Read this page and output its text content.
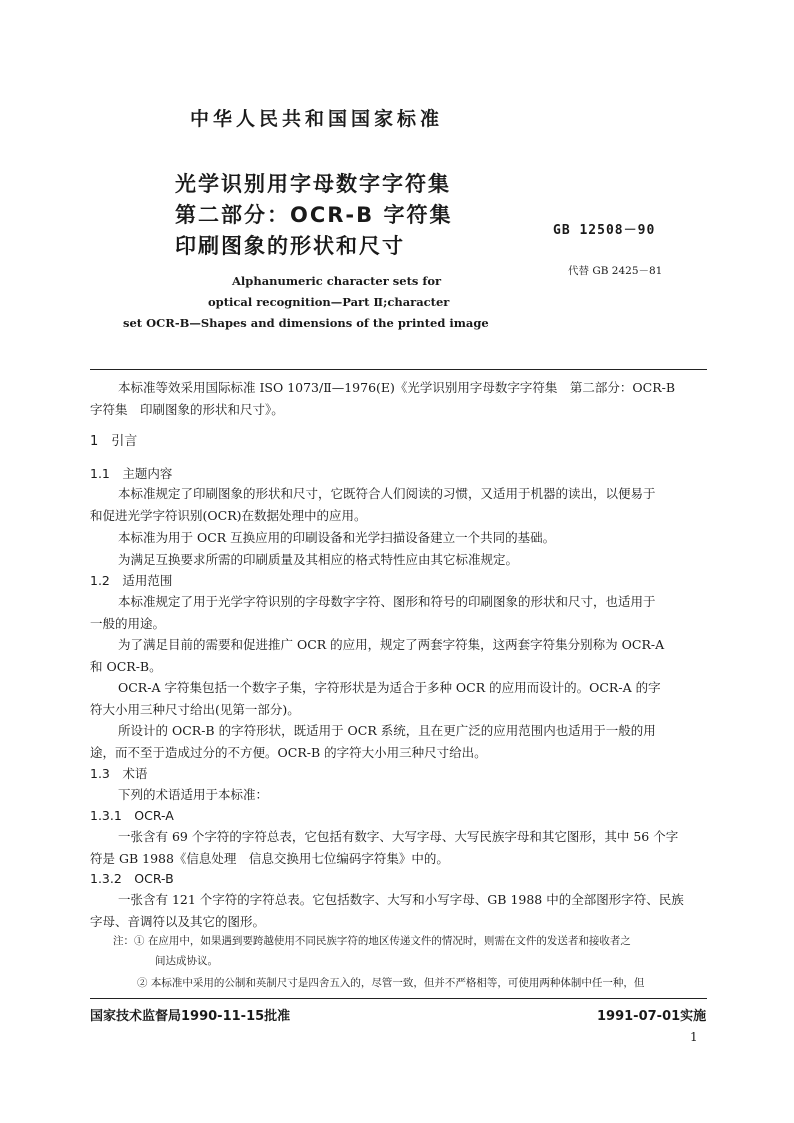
中华人民共和国国家标准
光学识别用字母数字字符集
第二部分：OCR-B 字符集
印刷图象的形状和尺寸
GB 12508－90
代替 GB 2425－81
Alphanumeric character sets for
optical recognition—Part Ⅱ;character
set OCR-B—Shapes and dimensions of the printed image
本标准等效采用国际标准 ISO 1073/Ⅱ—1976(E)《光学识别用字母数字字符集　第二部分：OCR-B
字符集　印刷图象的形状和尺寸》。
1　引言
1.1　主题内容
本标准规定了印刷图象的形状和尺寸，它既符合人们阅读的习惯，又适用于机器的读出，以便易于
和促进光学字符识别(OCR)在数据处理中的应用。
本标准为用于 OCR 互换应用的印刷设备和光学扫描设备建立一个共同的基础。
为满足互换要求所需的印刷质量及其相应的格式特性应由其它标准规定。
1.2　适用范围
本标准规定了用于光学字符识别的字母数字字符、图形和符号的印刷图象的形状和尺寸，也适用于
一般的用途。
为了满足目前的需要和促进推广 OCR 的应用，规定了两套字符集，这两套字符集分别称为 OCR-A
和 OCR-B。
OCR-A 字符集包括一个数字子集，字符形状是为适合于多种 OCR 的应用而设计的。OCR-A 的字
符大小用三种尺寸给出(见第一部分)。
所设计的 OCR-B 的字符形状，既适用于 OCR 系统，且在更广泛的应用范围内也适用于一般的用
途，而不至于造成过分的不方便。OCR-B 的字符大小用三种尺寸给出。
1.3　术语
下列的术语适用于本标准：
1.3.1　OCR-A
一张含有 69 个字符的字符总表，它包括有数字、大写字母、大写民族字母和其它图形，其中 56 个字
符是 GB 1988《信息处理　信息交换用七位编码字符集》中的。
1.3.2　OCR-B
一张含有 121 个字符的字符总表。它包括数字、大写和小写字母、GB 1988 中的全部图形字符、民族
字母、音调符以及其它的图形。
注：① 在应用中，如果遇到要跨越使用不同民族字符的地区传递文件的情况时，则需在文件的发送者和接收者之
间达成协议。
② 本标准中采用的公制和英制尺寸是四舍五入的，尽管一致，但并不严格相等，可使用两种体制中任一种，但
国家技术监督局1990-11-15批准	1991-07-01实施
1
